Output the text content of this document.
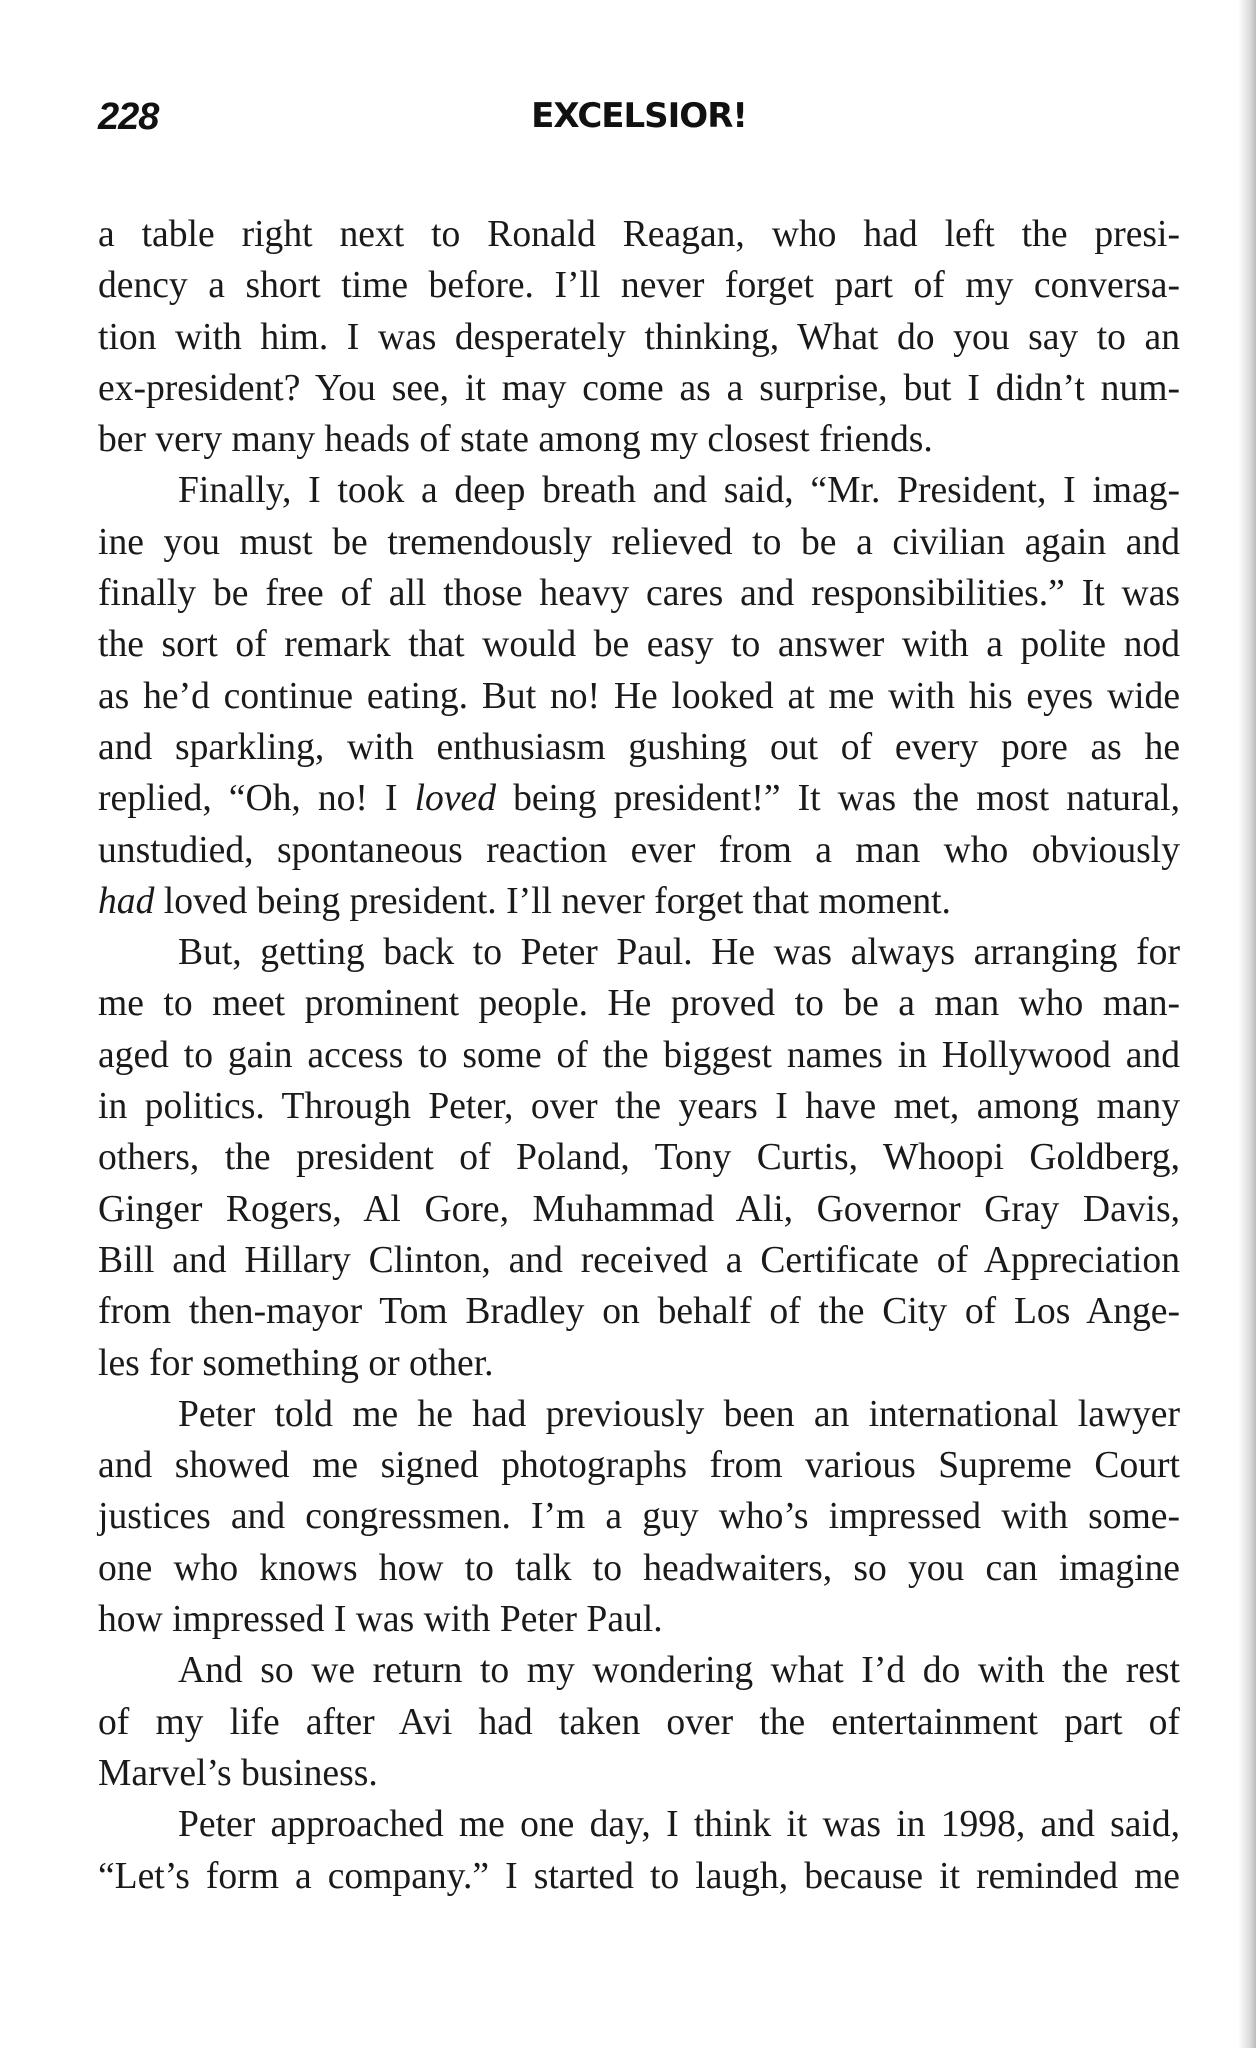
228	EXCELSIOR!

a table right next to Ronald Reagan, who had left the presi-
dency a short time before. I’ll never forget part of my conversa-
tion with him. I was desperately thinking, What do you say to an
ex-president? You see, it may come as a surprise, but I didn’t num-
ber very many heads of state among my closest friends.

Finally, I took a deep breath and said, “Mr. President, I imag-
ine you must be tremendously relieved to be a civilian again and
finally be free of all those heavy cares and responsibilities.” It was
the sort of remark that would be easy to answer with a polite nod
as he’d continue eating. But no! He looked at me with his eyes wide
and sparkling, with enthusiasm gushing out of every pore as he
replied, “Oh, no! I loved being president!” It was the most natural,
unstudied, spontaneous reaction ever from a man who obviously
had loved being president. I’ll never forget that moment.

But, getting back to Peter Paul. He was always arranging for
me to meet prominent people. He proved to be a man who man-
aged to gain access to some of the biggest names in Hollywood and
in politics. Through Peter, over the years I have met, among many
others, the president of Poland, Tony Curtis, Whoopi Goldberg,
Ginger Rogers, Al Gore, Muhammad Ali, Governor Gray Davis,
Bill and Hillary Clinton, and received a Certificate of Appreciation
from then-mayor Tom Bradley on behalf of the City of Los Ange-
les for something or other.

Peter told me he had previously been an international lawyer
and showed me signed photographs from various Supreme Court
justices and congressmen. I’m a guy who’s impressed with some-
one who knows how to talk to headwaiters, so you can imagine
how impressed I was with Peter Paul.

And so we return to my wondering what I’d do with the rest
of my life after Avi had taken over the entertainment part of
Marvel’s business.

Peter approached me one day, I think it was in 1998, and said,
“Let’s form a company.” I started to laugh, because it reminded me
